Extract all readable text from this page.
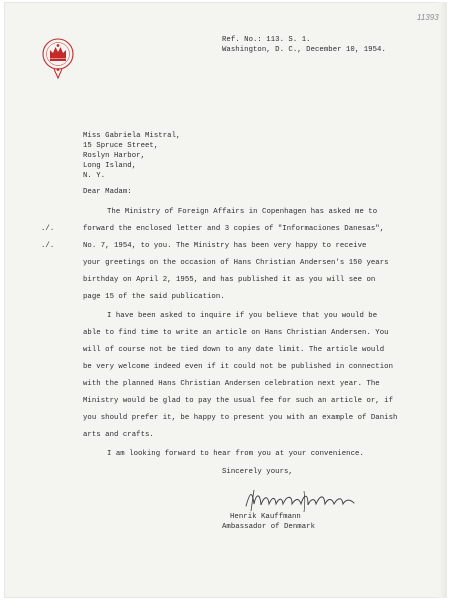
11393
Ref. No.: 113. S. 1.
Washington, D. C., December 10, 1954.
Miss Gabriela Mistral,
15 Spruce Street,
Roslyn Harbor,
Long Island,
N. Y.
Dear Madam:
./.
./.
The Ministry of Foreign Affairs in Copenhagen has asked me to
forward the enclosed letter and 3 copies of "Informaciones Danesas",
No. 7, 1954, to you. The Ministry has been very happy to receive
your greetings on the occasion of Hans Christian Andersen's 150 years
birthday on April 2, 1955, and has published it as you will see on
page 15 of the said publication.
I have been asked to inquire if you believe that you would be
able to find time to write an article on Hans Christian Andersen. You
will of course not be tied down to any date limit. The article would
be very welcome indeed even if it could not be published in connection
with the planned Hans Christian Andersen celebration next year. The
Ministry would be glad to pay the usual fee for such an article or, if
you should prefer it, be happy to present you with an example of Danish
arts and crafts.
I am looking forward to hear from you at your convenience.
Sincerely yours,
Henrik Kauffmann
Ambassador of Denmark
